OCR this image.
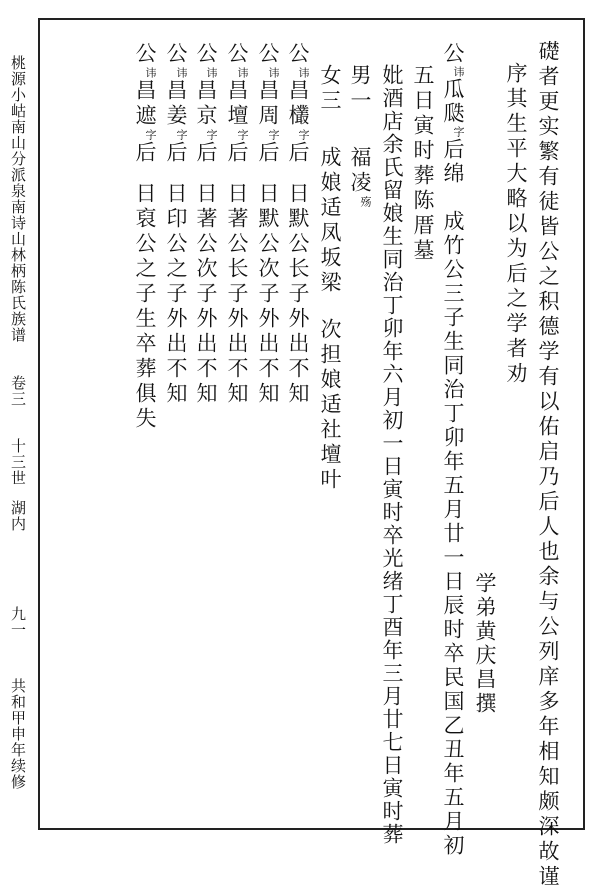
桃源小岵南山分派泉南诗山林柄陈氏族谱
卷三
十三世
湖内
九一
共和甲申年续修	礎者更实繁有徒皆公之积德学有以佑启乃后人也余与公列庠多年相知颇深故谨
序其生平大略以为后之学者劝
学弟黄庆昌撰
公讳瓜瓞字后绵　成竹公三子生同治丁卯年五月廿一日辰时卒民国乙丑年五月初
五日寅时葬陈厝墓
妣酒店余氏留娘生同治丁卯年六月初一日寅时卒光绪丁酉年三月廿七日寅时葬
男一
福凌殇
女三
成娘适凤坂梁
次担娘适社壇叶
公讳昌欉字后日默公长子外出不知
公讳昌周字后日默公次子外出不知
公讳昌壇字后日著公长子外出不知
公讳昌京字后日著公次子外出不知
公讳昌姜字后日印公之子外出不知
公讳昌遮字后日裒公之子生卒葬俱失
